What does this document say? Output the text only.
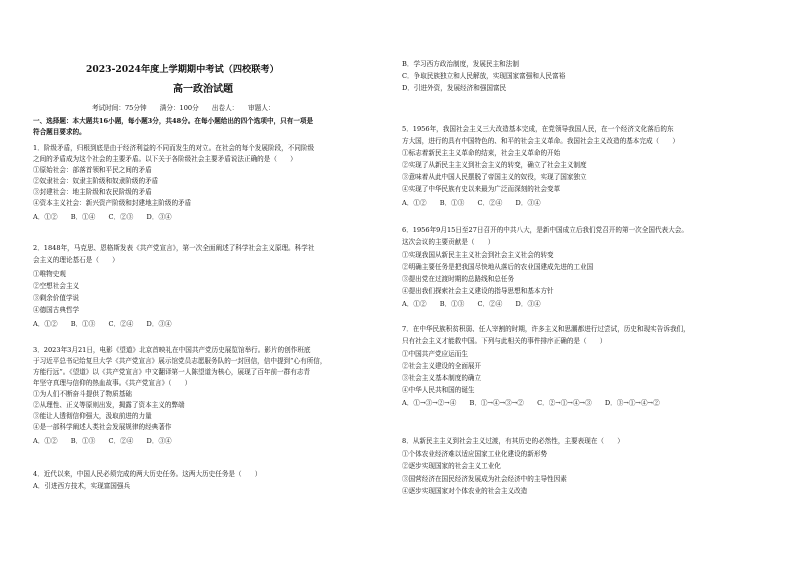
2023-2024年度上学期期中考试（四校联考）

高一政治试题

考试时间：75分钟　　满分：100分　　出卷人：　　审题人：

一、选择题：本大题共16小题，每小题3分，共48分。在每小题给出的四个选项中，只有一项是

符合题目要求的。

1．阶级矛盾，归根到底是由于经济利益的不同而发生的对立。在社会的每个发展阶段，不同阶级

之间的矛盾成为这个社会的主要矛盾。以下关于各阶级社会主要矛盾说法正确的是（　　）

①原始社会：部落首领和平民之间的矛盾

②奴隶社会：奴隶主阶级和奴隶阶级的矛盾

③封建社会：地主阶级和农民阶级的矛盾

④资本主义社会：新兴资产阶级和封建地主阶级的矛盾

A．①②　　B．①④　　C．②③　　D．③④

2．1848年，马克思、恩格斯发表《共产党宣言》，第一次全面阐述了科学社会主义原理。科学社

会主义的理论基石是（　　）

①唯物史观

②空想社会主义

③剩余价值学说

④德国古典哲学

A．①②　　B．①③　　C．②④　　D．③④

3．2023年3月21日，电影《望道》北京首映礼在中国共产党历史展览馆举行。影片的创作班底

于习近平总书记给复旦大学《共产党宣言》展示馆党员志愿服务队的一封回信，信中提到“心有所信，

方能行远”。《望道》以《共产党宣言》中文翻译第一人陈望道为核心，展现了百年前一群有志青

年坚守真理与信仰的热血故事。《共产党宣言》（　　）

①为人们不断奋斗提供了物质基础

②从理性、正义等原则出发，揭露了资本主义的弊端

③能让人透彻信仰强大，汲取前进的力量

④是一部科学阐述人类社会发展规律的经典著作

A．①②　　B．①③　　C．②④　　D．③④

4．近代以来，中国人民必须完成的两大历史任务。这两大历史任务是（　　）

A．引进西方技术，实现富国强兵

B．学习西方政治制度，发展民主和法制

C．争取民族独立和人民解放，实现国家富强和人民富裕

D．引进外资，发展经济和强国富民

5．1956年，我国社会主义三大改造基本完成，在党领导我国人民，在一个经济文化落后的东

方大国，进行的具有中国特色的、和平的社会主义革命。我国社会主义改造的基本完成（　　）

①标志着新民主主义革命的结束，社会主义革命的开始

②实现了从新民主主义到社会主义的转变，确立了社会主义制度

③意味着从此中国人民摆脱了帝国主义的奴役，实现了国家独立

④实现了中华民族有史以来最为广泛而深刻的社会变革

A．①②　　B．①③　　C．②④　　D．③④

6．1956年9月15日至27日召开的中共八大，是新中国成立后我们党召开的第一次全国代表大会。

这次会议的主要贡献是（　　）

①实现我国从新民主主义社会到社会主义社会的转变

②明确主要任务是把我国尽快地从落后的农业国建成先进的工业国

③提出党在过渡时期的总路线和总任务

④提出我们探索社会主义建设的指导思想和基本方针

A．①②　　B．①③　　C．②④　　D．③④

7．在中华民族积贫积弱、任人宰割的时期，许多主义和思潮都进行过尝试，历史和现实告诉我们，

只有社会主义才能救中国。下列与此相关的事件排序正确的是（　　）

①中国共产党应运而生

②社会主义建设的全面展开

③社会主义基本制度的确立

④中华人民共和国的诞生

A．①→③→②→④　　B．①→④→③→②　　C．②→①→④→③　　D．③→①→④→②

8．从新民主主义到社会主义过渡，有其历史的必然性，主要表现在（　　）

①个体农业经济难以适应国家工业化建设的新形势

②逐步实现国家的社会主义工业化

③国营经济在国民经济发展成为社会经济中的主导性因素

④逐步实现国家对个体农业的社会主义改造
